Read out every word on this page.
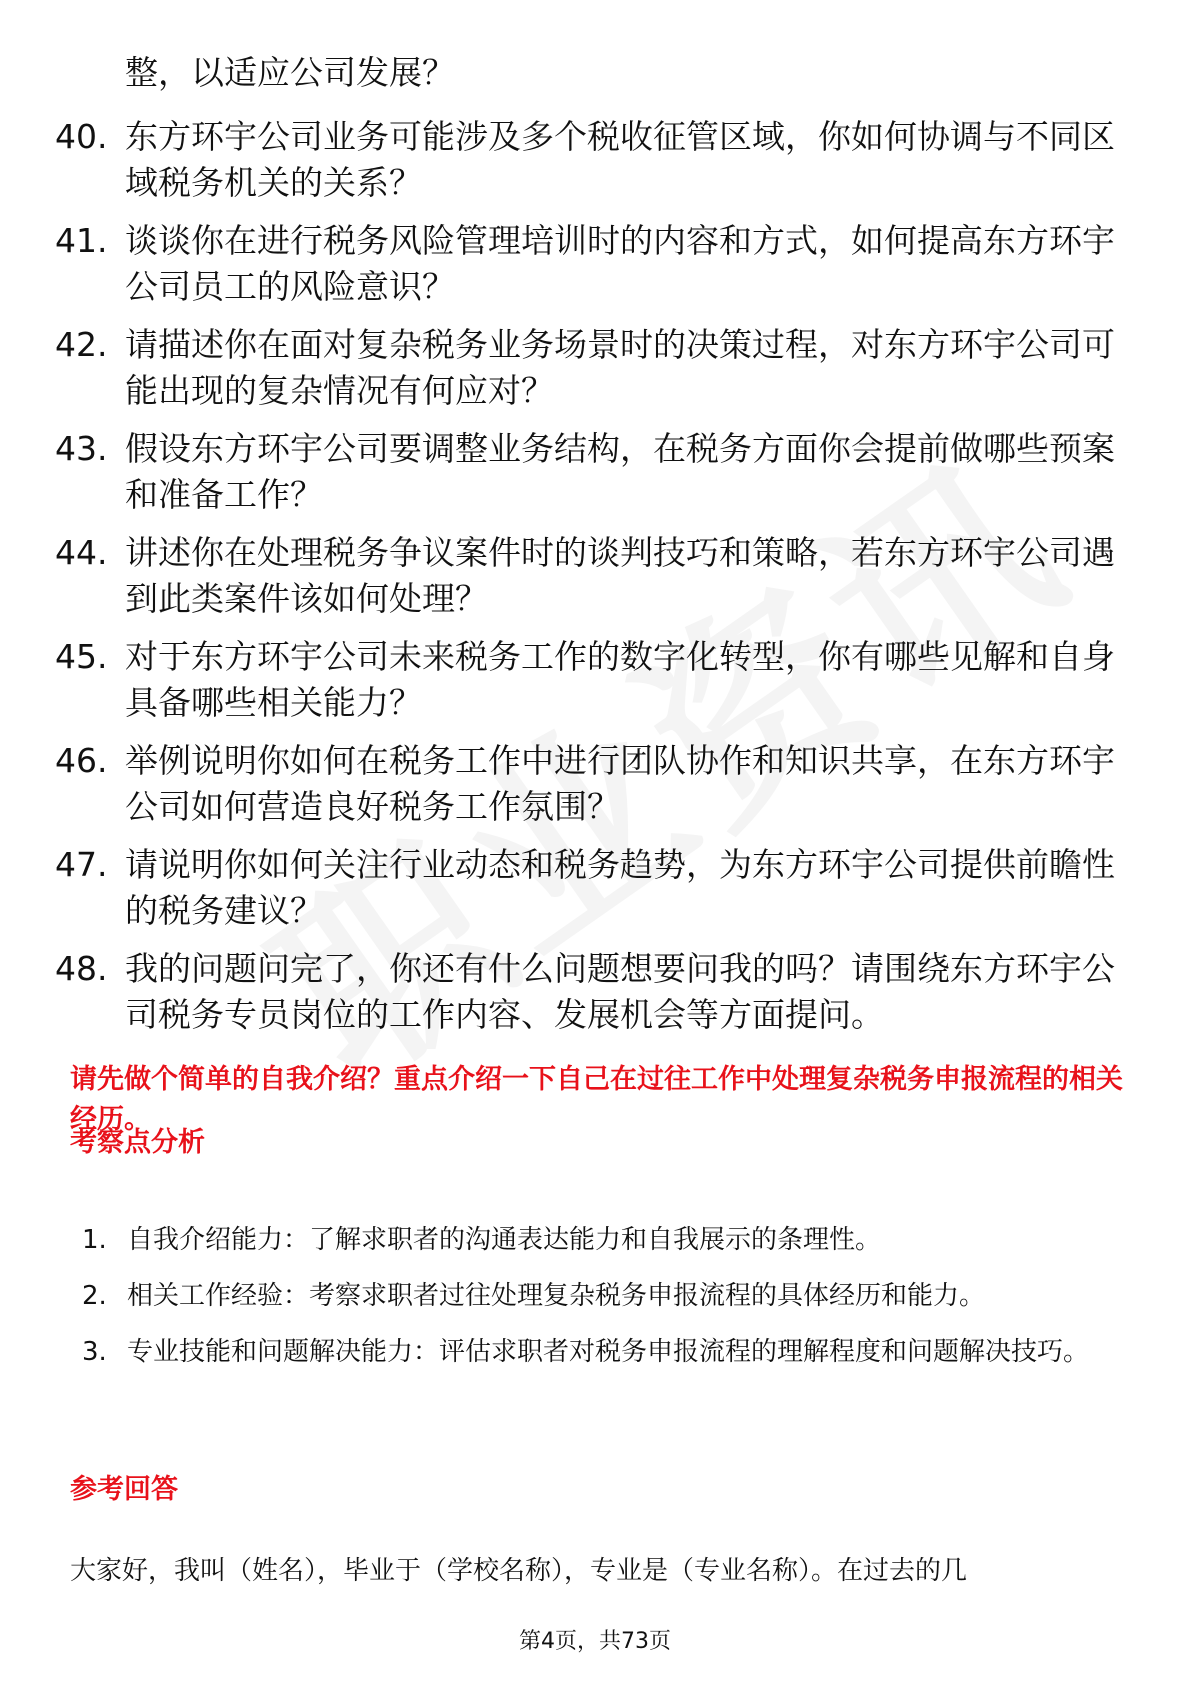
整，以适应公司发展？
40. 东方环宇公司业务可能涉及多个税收征管区域，你如何协调与不同区域税务机关的关系？
41. 谈谈你在进行税务风险管理培训时的内容和方式，如何提高东方环宇公司员工的风险意识？
42. 请描述你在面对复杂税务业务场景时的决策过程，对东方环宇公司可能出现的复杂情况有何应对？
43. 假设东方环宇公司要调整业务结构，在税务方面你会提前做哪些预案和准备工作？
44. 讲述你在处理税务争议案件时的谈判技巧和策略，若东方环宇公司遇到此类案件该如何处理？
45. 对于东方环宇公司未来税务工作的数字化转型，你有哪些见解和自身具备哪些相关能力？
46. 举例说明你如何在税务工作中进行团队协作和知识共享，在东方环宇公司如何营造良好税务工作氛围？
47. 请说明你如何关注行业动态和税务趋势，为东方环宇公司提供前瞻性的税务建议？
48. 我的问题问完了，你还有什么问题想要问我的吗？请围绕东方环宇公司税务专员岗位的工作内容、发展机会等方面提问。
请先做个简单的自我介绍？重点介绍一下自己在过往工作中处理复杂税务申报流程的相关经历。
考察点分析
1. 自我介绍能力：了解求职者的沟通表达能力和自我展示的条理性。
2. 相关工作经验：考察求职者过往处理复杂税务申报流程的具体经历和能力。
3. 专业技能和问题解决能力：评估求职者对税务申报流程的理解程度和问题解决技巧。
参考回答
大家好，我叫（姓名），毕业于（学校名称），专业是（专业名称）。在过去的几
第4页，共73页
